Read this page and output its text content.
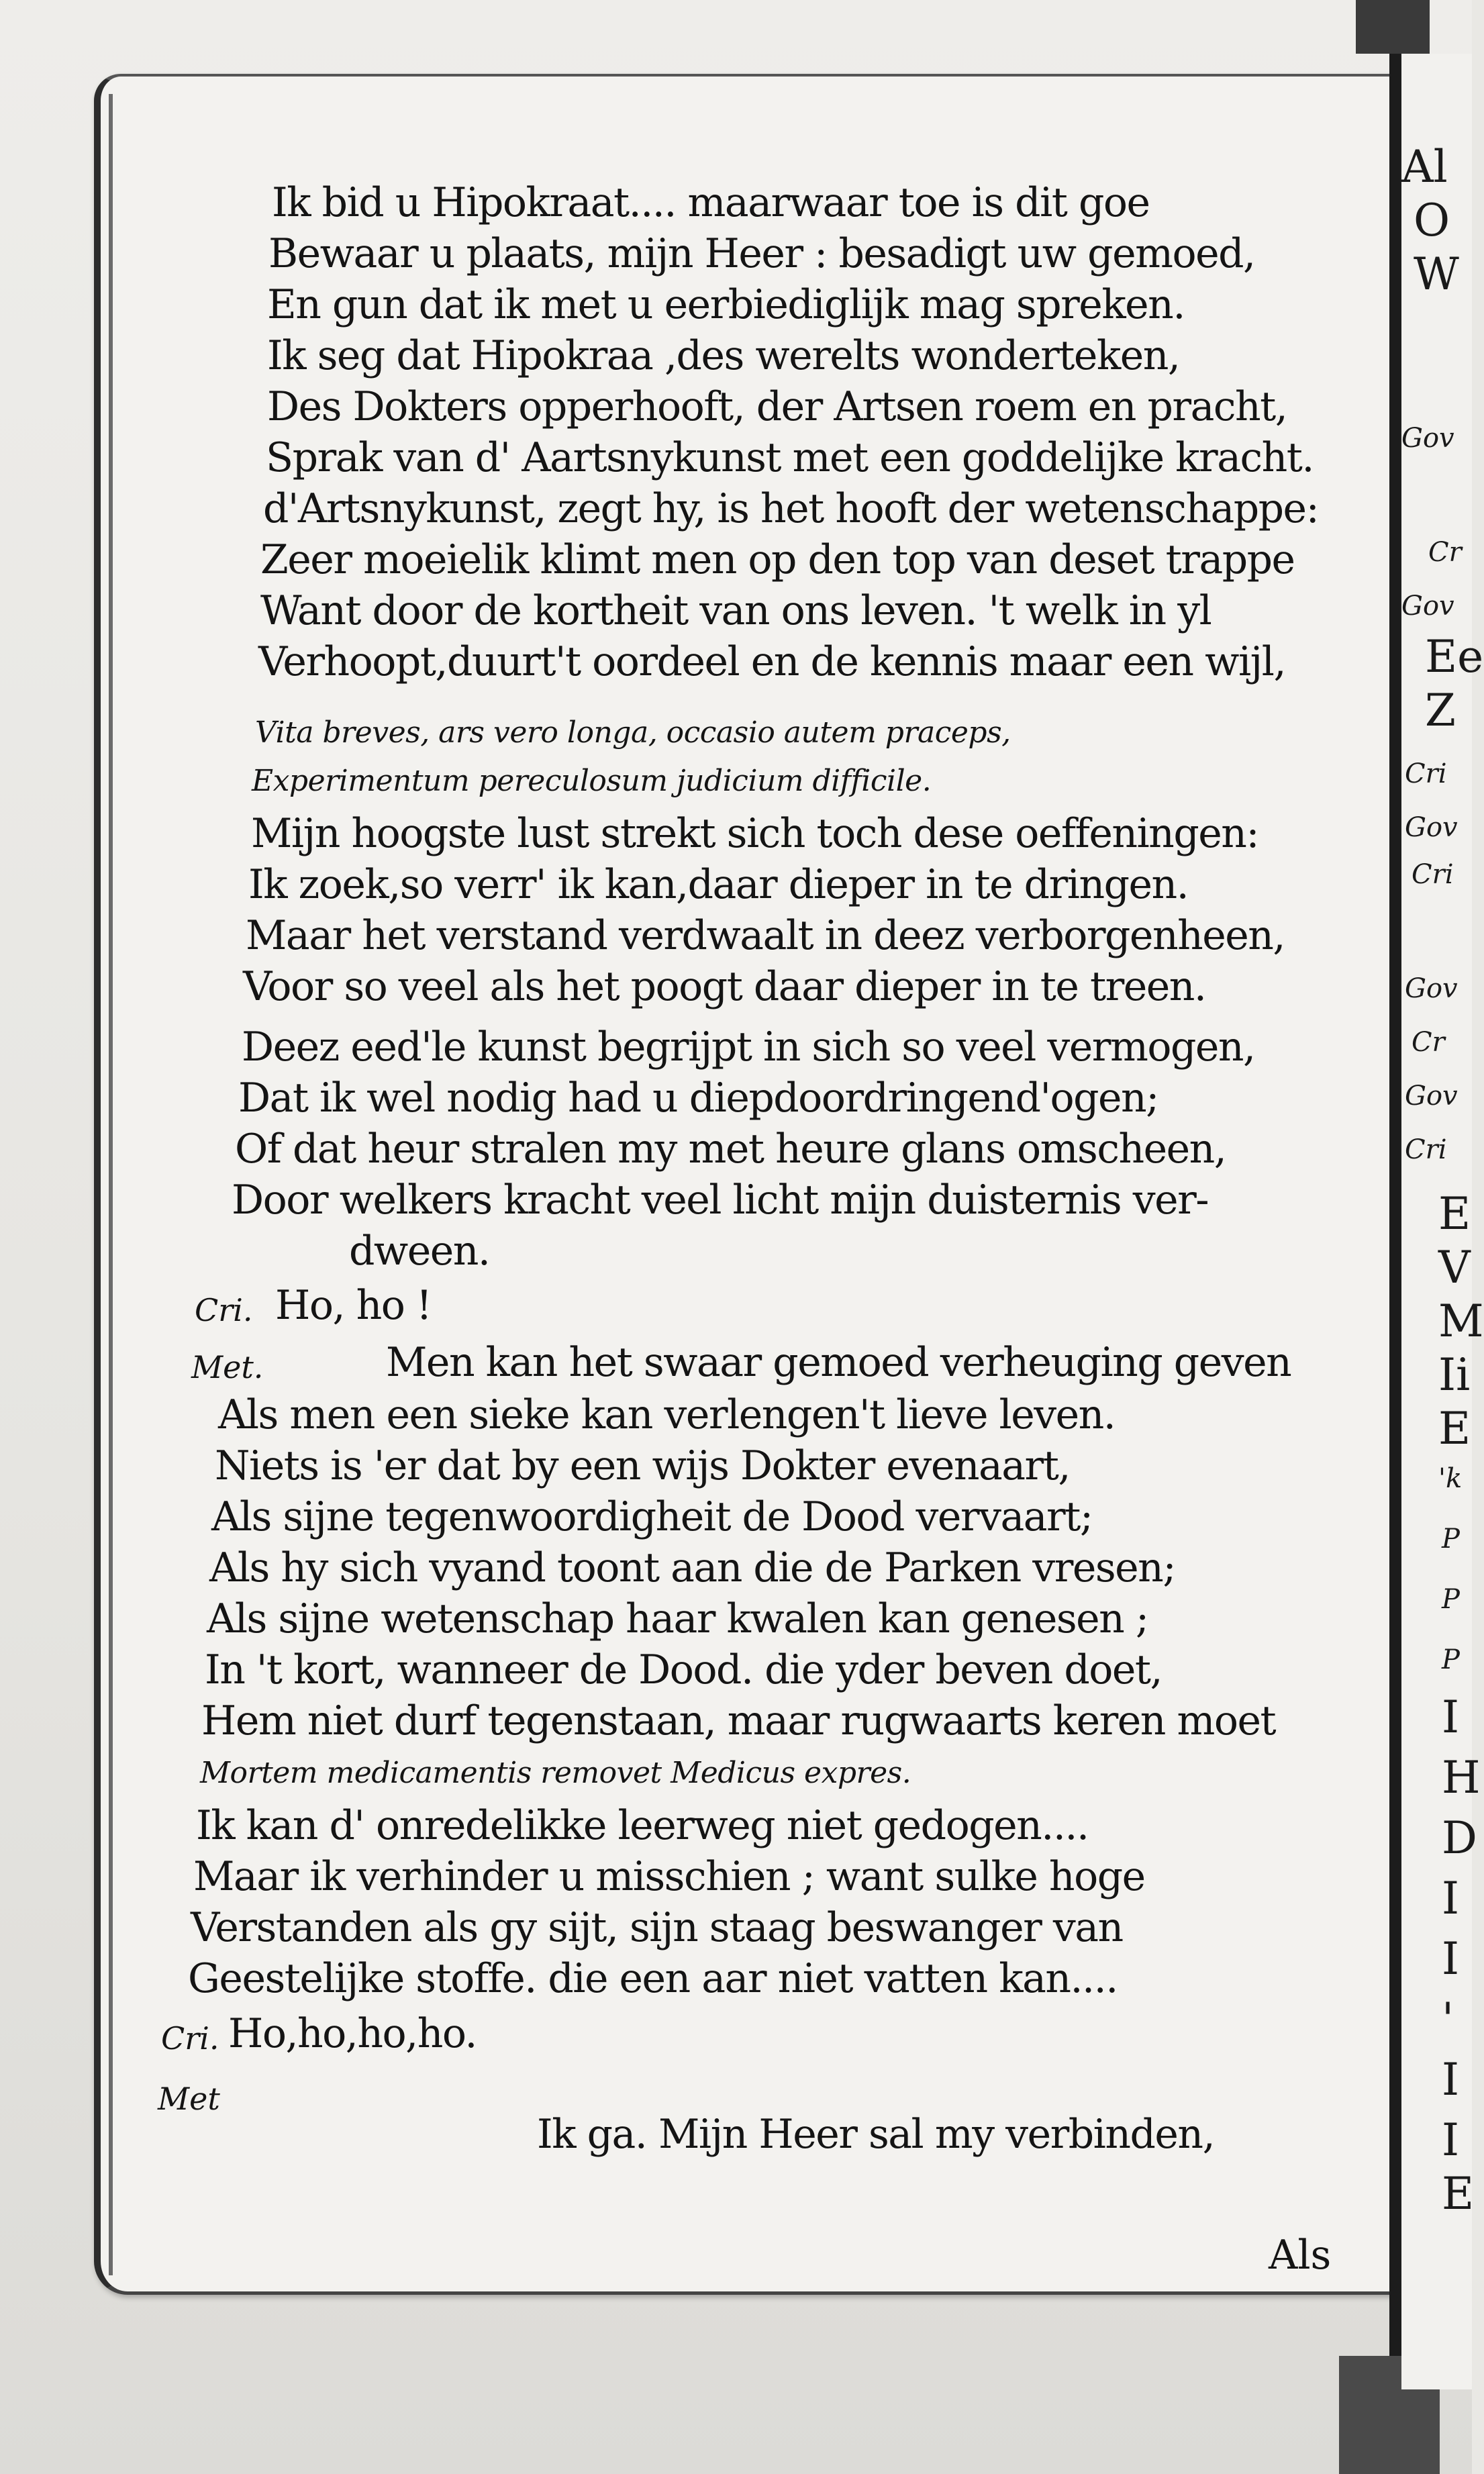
Al
O
W
Gov
Cr
Gov
Ee
Z
Cri
Gov
Cri
Gov
Cr
Gov
Cri
E
V
M
Ii
E
'k
P
P
P
I
H
D
I
I
'
I
I
E
Ik bid u Hipokraat.... maarwaar toe is dit goe
Bewaar u plaats, mijn Heer : besadigt uw gemoed,
En gun dat ik met u eerbiediglijk mag spreken.
Ik seg dat Hipokraa ,des werelts wonderteken,
Des Dokters opperhooft, der Artsen roem en pracht,
Sprak van d' Aartsnykunst met een goddelijke kracht.
d'Artsnykunst, zegt hy, is het hooft der wetenschappe:
Zeer moeielik klimt men op den top van deset trappe
Want door de kortheit van ons leven. 't welk in yl
Verhoopt,duurt't oordeel en de kennis maar een wijl,
Vita breves, ars vero longa, occasio autem praceps,
Experimentum pereculosum judicium difficile.
Mijn hoogste lust strekt sich toch dese oeffeningen:
Ik zoek,so verr' ik kan,daar dieper in te dringen.
Maar het verstand verdwaalt in deez verborgenheen,
Voor so veel als het poogt daar dieper in te treen.
Deez eed'le kunst begrijpt in sich so veel vermogen,
Dat ik wel nodig had u diepdoordringend'ogen;
Of dat heur stralen my met heure glans omscheen,
Door welkers kracht veel licht mijn duisternis ver-
dween.
Cri. Ho, ho !
Met.	Men kan het swaar gemoed verheuging geven
Als men een sieke kan verlengen't lieve leven.
Niets is 'er dat by een wijs Dokter evenaart,
Als sijne tegenwoordigheit de Dood vervaart;
Als hy sich vyand toont aan die de Parken vresen;
Als sijne wetenschap haar kwalen kan genesen ;
In 't kort, wanneer de Dood. die yder beven doet,
Hem niet durf tegenstaan, maar rugwaarts keren moet
Mortem medicamentis removet Medicus expres.
Ik kan d' onredelikke leerweg niet gedogen....
Maar ik verhinder u misschien ; want sulke hoge
Verstanden als gy sijt, sijn staag beswanger van
Geestelijke stoffe. die een aar niet vatten kan....
Cri. Ho,ho,ho,ho.
Met
Ik ga. Mijn Heer sal my verbinden,
Als
